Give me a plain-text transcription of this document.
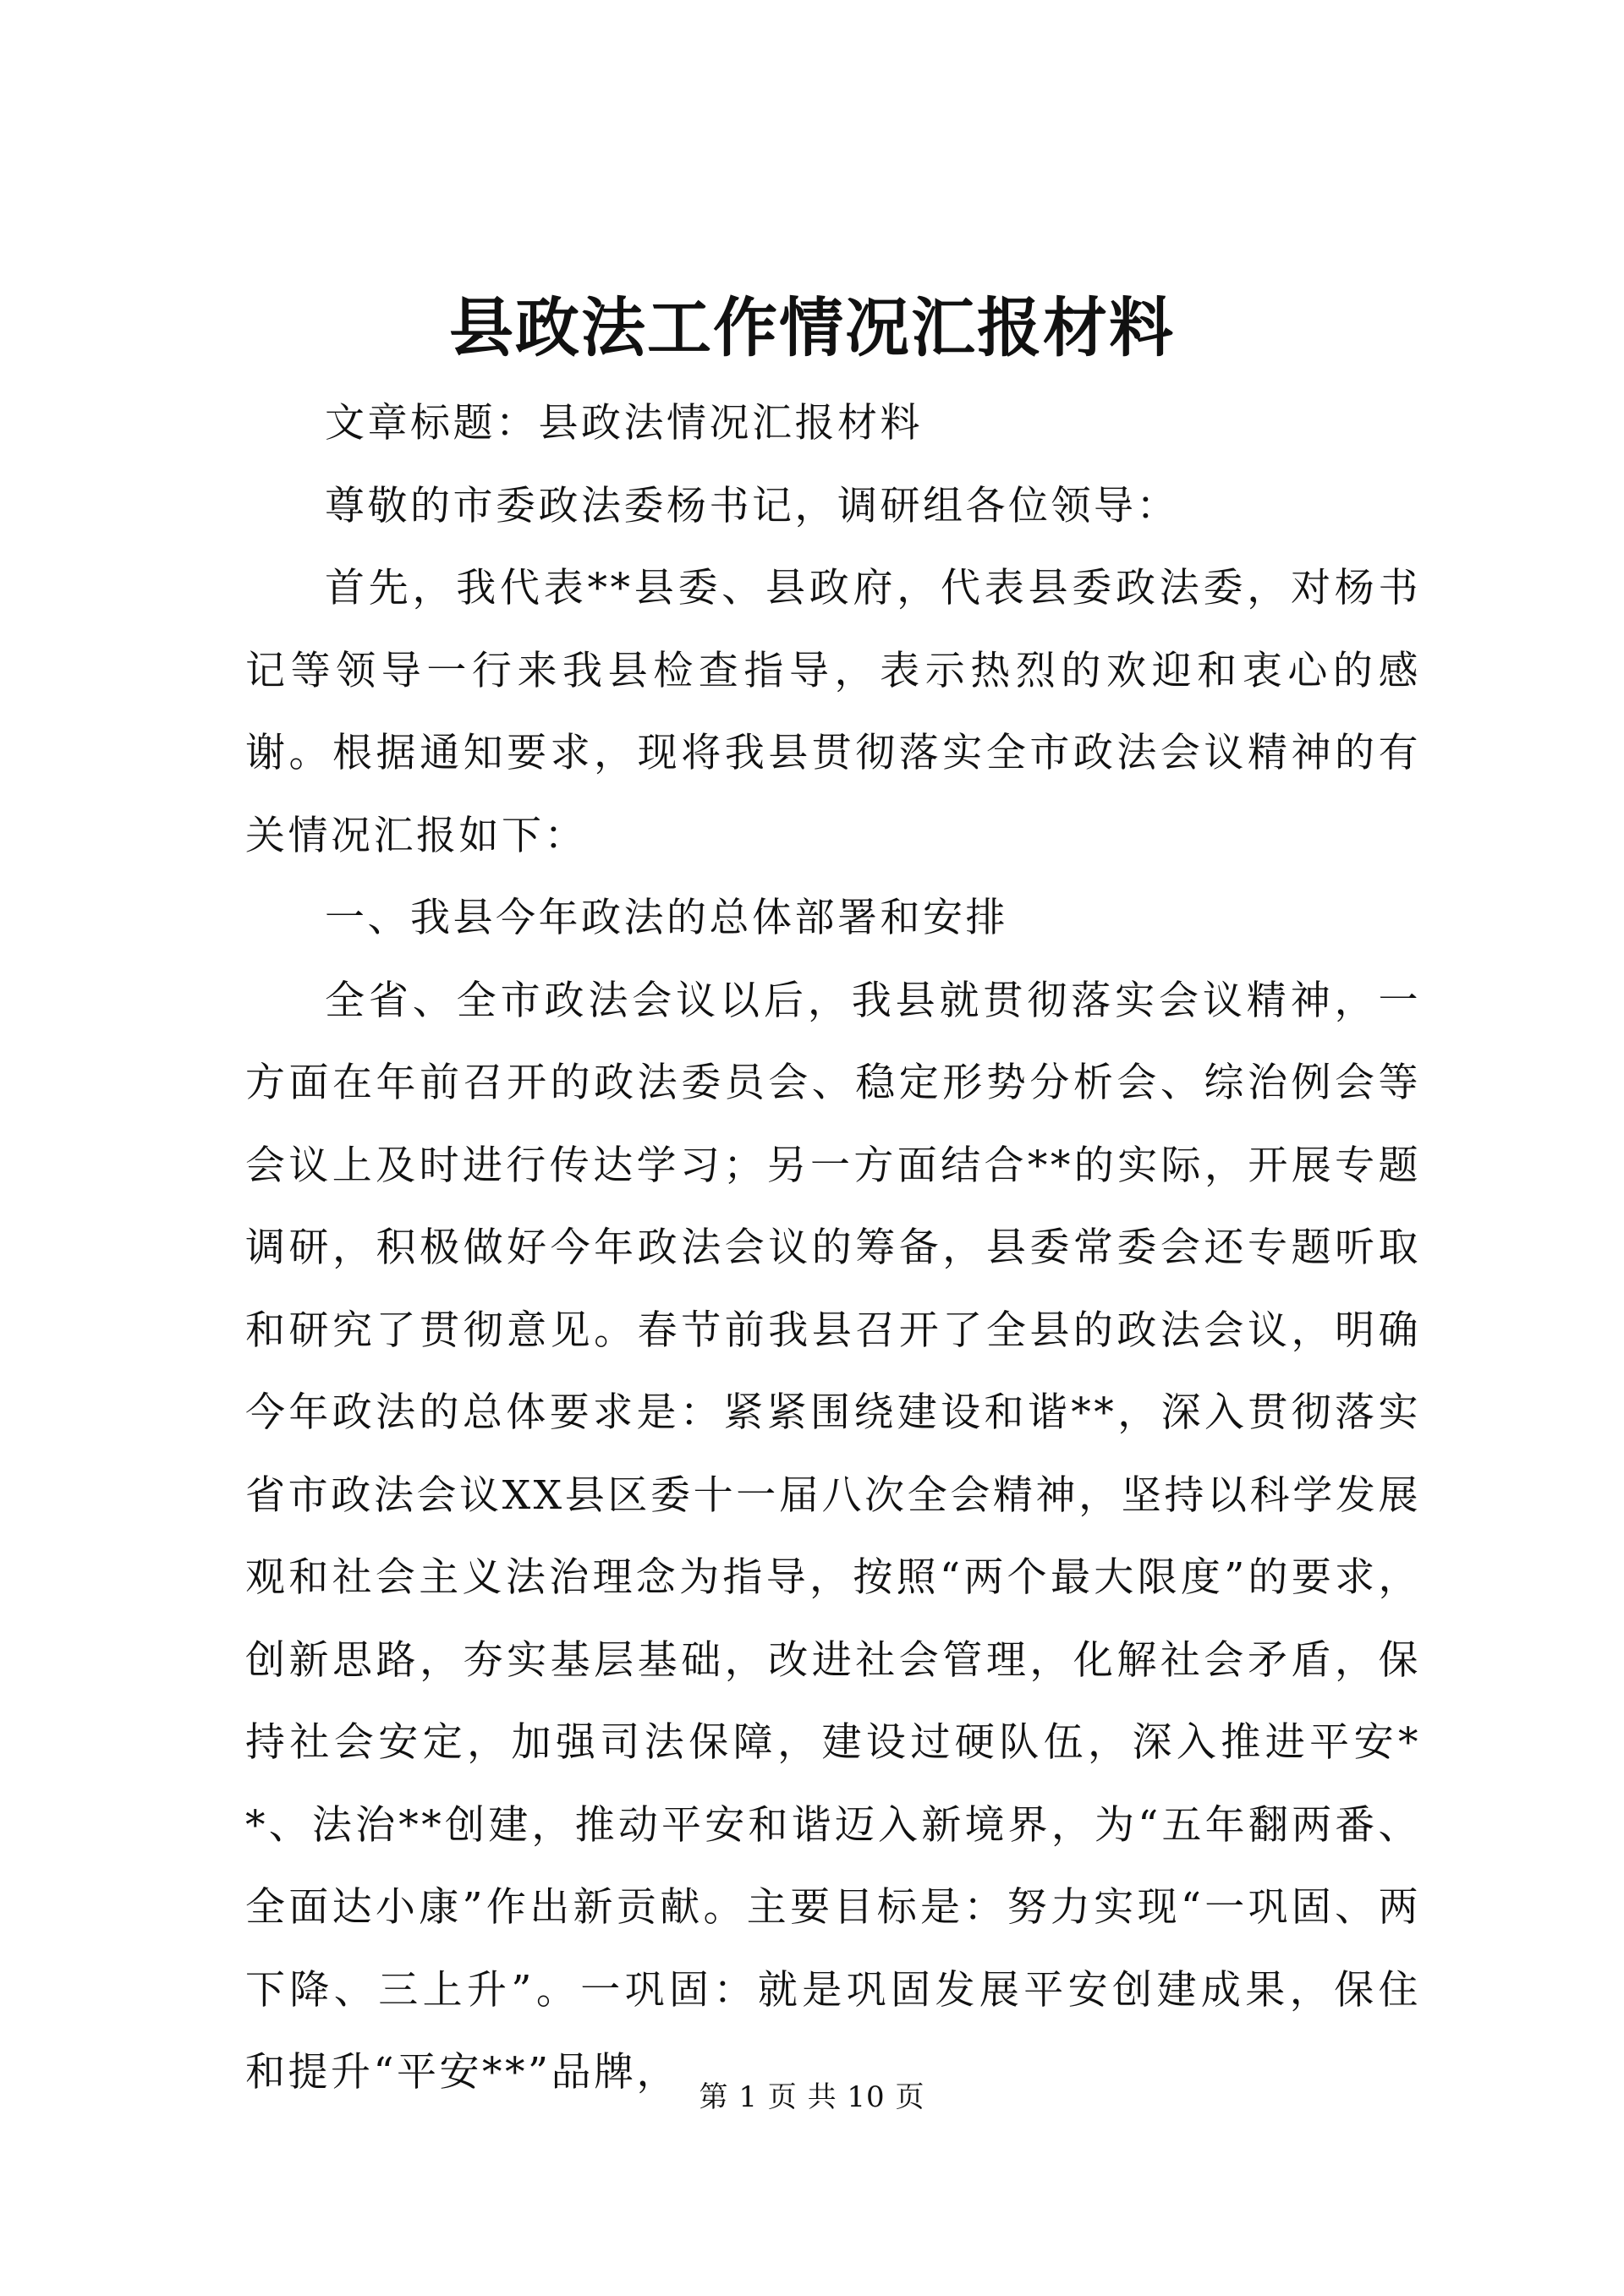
县政法工作情况汇报材料

文章标题：县政法情况汇报材料

尊敬的市委政法委杨书记，调研组各位领导：

首先，我代表**县委、县政府，代表县委政法委，对杨书记等领导一行来我县检查指导，表示热烈的欢迎和衷心的感谢。根据通知要求，现将我县贯彻落实全市政法会议精神的有关情况汇报如下：

一、我县今年政法的总体部署和安排

全省、全市政法会议以后，我县就贯彻落实会议精神，一方面在年前召开的政法委员会、稳定形势分析会、综治例会等会议上及时进行传达学习；另一方面结合**的实际，开展专题调研，积极做好今年政法会议的筹备，县委常委会还专题听取和研究了贯彻意见。春节前我县召开了全县的政法会议，明确今年政法的总体要求是：紧紧围绕建设和谐**，深入贯彻落实省市政法会议XX县区委十一届八次全会精神，坚持以科学发展观和社会主义法治理念为指导，按照“两个最大限度”的要求，创新思路，夯实基层基础，改进社会管理，化解社会矛盾，保持社会安定，加强司法保障，建设过硬队伍，深入推进平安**、法治**创建，推动平安和谐迈入新境界，为“五年翻两番、全面达小康”作出新贡献。主要目标是：努力实现“一巩固、两下降、三上升”。一巩固：就是巩固发展平安创建成果，保住和提升“平安**”品牌，

第 1 页 共 10 页
